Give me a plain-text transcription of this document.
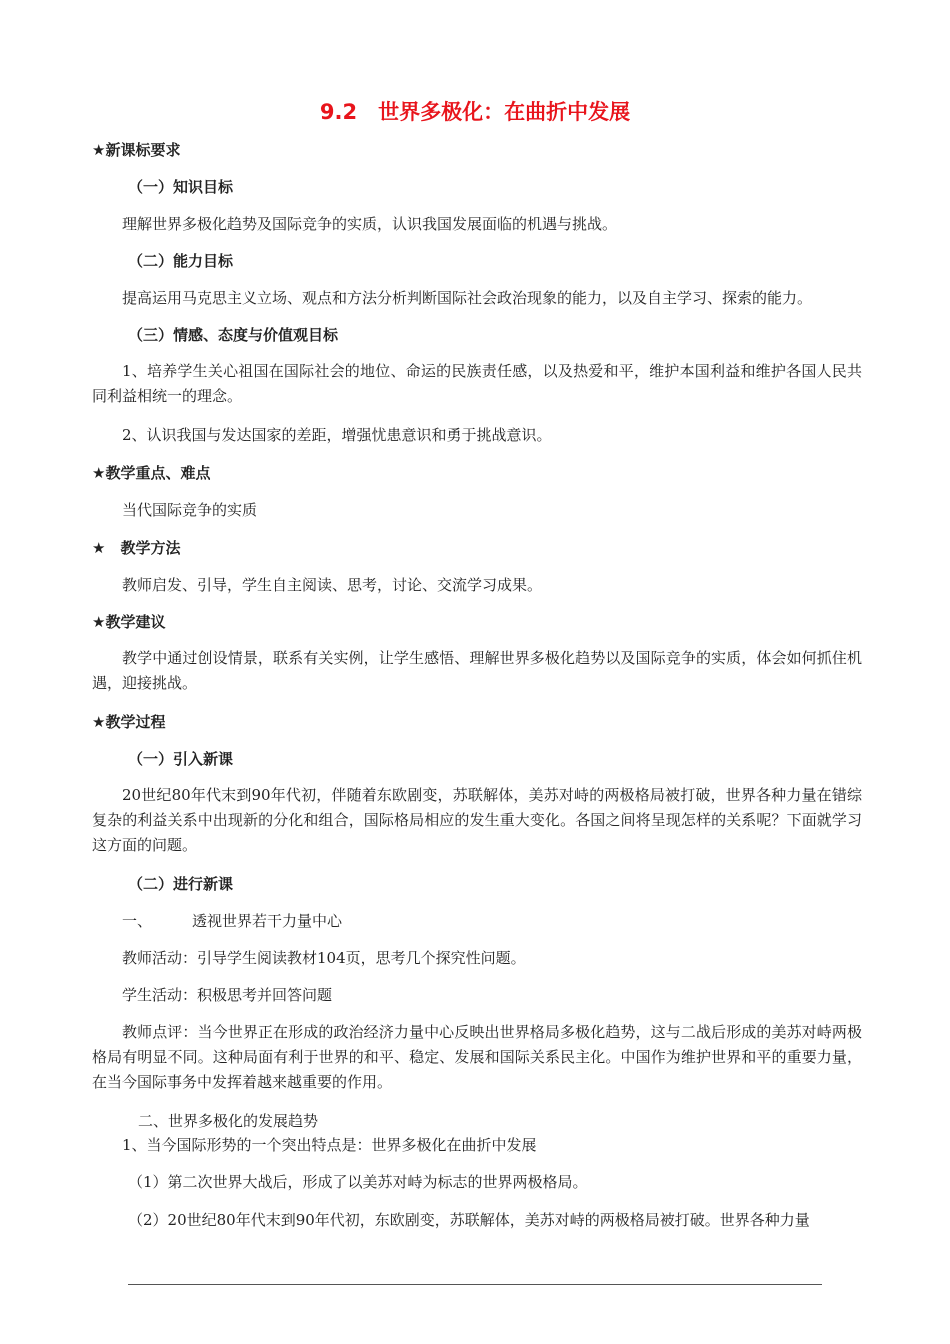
9.2　世界多极化：在曲折中发展
★新课标要求
（一）知识目标
理解世界多极化趋势及国际竞争的实质，认识我国发展面临的机遇与挑战。
（二）能力目标
提高运用马克思主义立场、观点和方法分析判断国际社会政治现象的能力，以及自主学习、探索的能力。
（三）情感、态度与价值观目标
1、培养学生关心祖国在国际社会的地位、命运的民族责任感，以及热爱和平，维护本国利益和维护各国人民共同利益相统一的理念。
2、认识我国与发达国家的差距，增强忧患意识和勇于挑战意识。
★教学重点、难点
当代国际竞争的实质
★　教学方法
教师启发、引导，学生自主阅读、思考，讨论、交流学习成果。
★教学建议
教学中通过创设情景，联系有关实例，让学生感悟、理解世界多极化趋势以及国际竞争的实质，体会如何抓住机遇，迎接挑战。
★教学过程
（一）引入新课
20世纪80年代末到90年代初，伴随着东欧剧变，苏联解体，美苏对峙的两极格局被打破，世界各种力量在错综复杂的利益关系中出现新的分化和组合，国际格局相应的发生重大变化。各国之间将呈现怎样的关系呢？下面就学习这方面的问题。
（二）进行新课
一、	透视世界若干力量中心
教师活动：引导学生阅读教材104页，思考几个探究性问题。
学生活动：积极思考并回答问题
教师点评：当今世界正在形成的政治经济力量中心反映出世界格局多极化趋势，这与二战后形成的美苏对峙两极格局有明显不同。这种局面有利于世界的和平、稳定、发展和国际关系民主化。中国作为维护世界和平的重要力量，在当今国际事务中发挥着越来越重要的作用。
二、世界多极化的发展趋势
1、当今国际形势的一个突出特点是：世界多极化在曲折中发展
（1）第二次世界大战后，形成了以美苏对峙为标志的世界两极格局。
（2）20世纪80年代末到90年代初，东欧剧变，苏联解体，美苏对峙的两极格局被打破。世界各种力量
